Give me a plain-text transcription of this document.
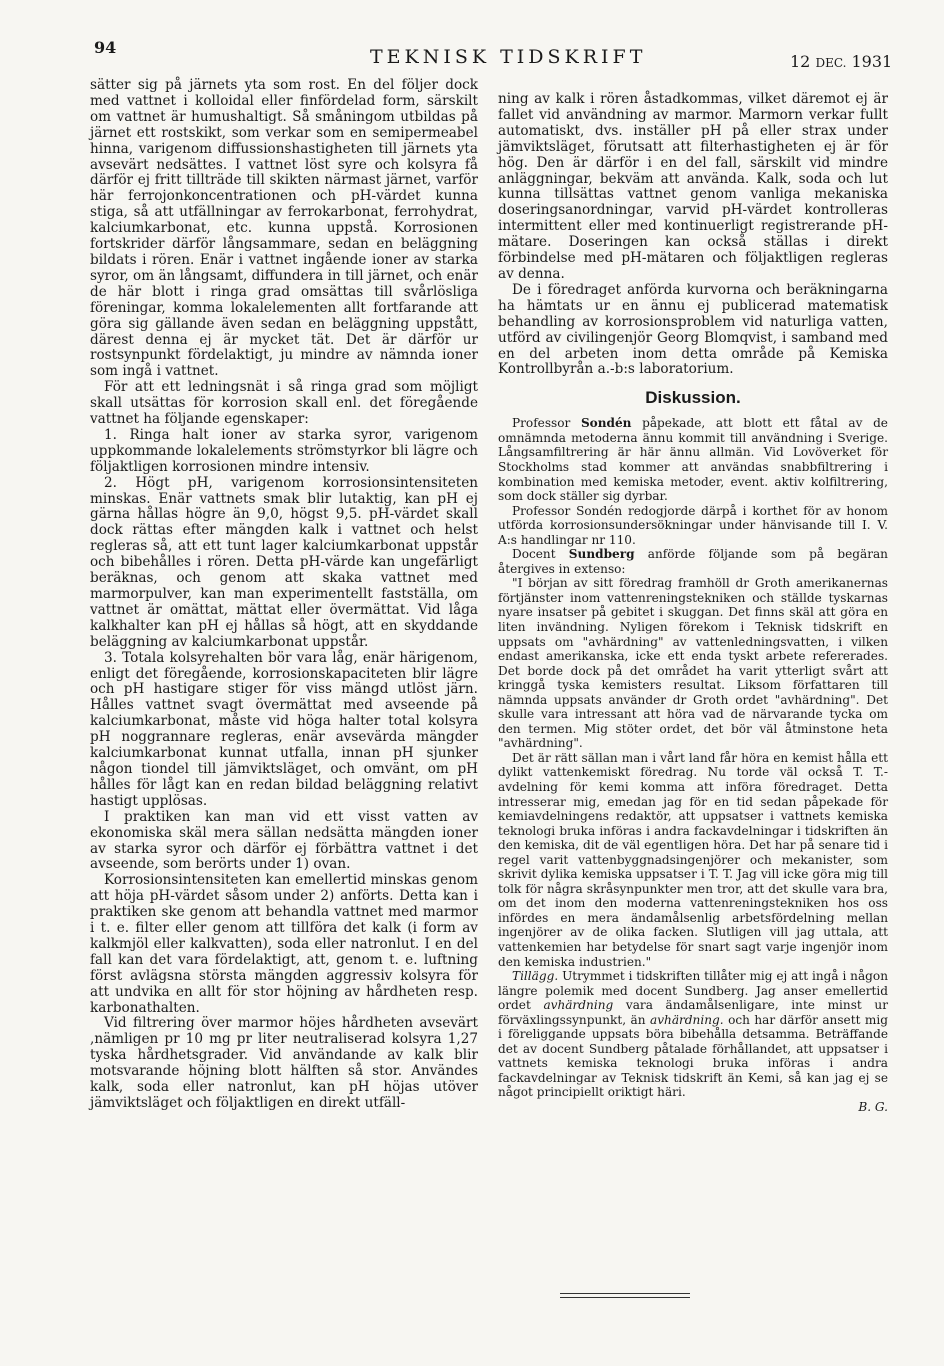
94	TEKNISK TIDSKRIFT	12 DEC. 1931

sätter sig på järnets yta som rost. En del följer dock med vattnet i kolloidal eller finfördelad form, särskilt om vattnet är humushaltigt. Så småningom utbildas på järnet ett rostskikt, som verkar som en semipermeabel hinna, varigenom diffussionshastigheten till järnets yta avsevärt nedsättes. I vattnet löst syre och kolsyra få därför ej fritt tillträde till skikten närmast järnet, varför här ferrojonkoncentrationen och pH-värdet kunna stiga, så att utfällningar av ferrokarbonat, ferrohydrat, kalciumkarbonat, etc. kunna uppstå. Korrosionen fortskrider därför långsammare, sedan en beläggning bildats i rören. Enär i vattnet ingående ioner av starka syror, om än långsamt, diffundera in till järnet, och enär de här blott i ringa grad omsättas till svårlösliga föreningar, komma lokalelementen allt fortfarande att göra sig gällande även sedan en beläggning uppstått, därest denna ej är mycket tät. Det är därför ur rostsynpunkt fördelaktigt, ju mindre av nämnda ioner som ingå i vattnet.

För att ett ledningsnät i så ringa grad som möjligt skall utsättas för korrosion skall enl. det föregående vattnet ha följande egenskaper:

1. Ringa halt ioner av starka syror, varigenom uppkommande lokalelements strömstyrkor bli lägre och följaktligen korrosionen mindre intensiv.

2. Högt pH, varigenom korrosionsintensiteten minskas. Enär vattnets smak blir lutaktig, kan pH ej gärna hållas högre än 9,0, högst 9,5. pH-värdet skall dock rättas efter mängden kalk i vattnet och helst regleras så, att ett tunt lager kalciumkarbonat uppstår och bibehålles i rören. Detta pH-värde kan ungefärligt beräknas, och genom att skaka vattnet med marmorpulver, kan man experimentellt fastställa, om vattnet är omättat, mättat eller övermättat. Vid låga kalkhalter kan pH ej hållas så högt, att en skyddande beläggning av kalciumkarbonat uppstår.

3. Totala kolsyrehalten bör vara låg, enär härigenom, enligt det föregående, korrosionskapaciteten blir lägre och pH hastigare stiger för viss mängd utlöst järn. Hålles vattnet svagt övermättat med avseende på kalciumkarbonat, måste vid höga halter total kolsyra pH noggrannare regleras, enär avsevärda mängder kalciumkarbonat kunnat utfalla, innan pH sjunker någon tiondel till jämviktsläget, och omvänt, om pH hålles för lågt kan en redan bildad beläggning relativt hastigt upplösas.

I praktiken kan man vid ett visst vatten av ekonomiska skäl mera sällan nedsätta mängden ioner av starka syror och därför ej förbättra vattnet i det avseende, som berörts under 1) ovan.

Korrosionsintensiteten kan emellertid minskas genom att höja pH-värdet såsom under 2) anförts. Detta kan i praktiken ske genom att behandla vattnet med marmor i t. e. filter eller genom att tillföra det kalk (i form av kalkmjöl eller kalkvatten), soda eller natronlut. I en del fall kan det vara fördelaktigt, att, genom t. e. luftning först avlägsna största mängden aggressiv kolsyra för att undvika en allt för stor höjning av hårdheten resp. karbonathalten.

Vid filtrering över marmor höjes hårdheten avsevärt ,nämligen pr 10 mg pr liter neutraliserad kolsyra 1,27 tyska hårdhetsgrader. Vid användande av kalk blir motsvarande höjning blott hälften så stor. Användes kalk, soda eller natronlut, kan pH höjas utöver jämviktsläget och följaktligen en direkt utfäll-

ning av kalk i rören åstadkommas, vilket däremot ej är fallet vid användning av marmor. Marmorn verkar fullt automatiskt, dvs. inställer pH på eller strax under jämviktsläget, förutsatt att filterhastigheten ej är för hög. Den är därför i en del fall, särskilt vid mindre anläggningar, bekväm att använda. Kalk, soda och lut kunna tillsättas vattnet genom vanliga mekaniska doseringsanordningar, varvid pH-värdet kontrolleras intermittent eller med kontinuerligt registrerande pH-mätare. Doseringen kan också ställas i direkt förbindelse med pH-mätaren och följaktligen regleras av denna.

De i föredraget anförda kurvorna och beräkningarna ha hämtats ur en ännu ej publicerad matematisk behandling av korrosionsproblem vid naturliga vatten, utförd av civilingenjör Georg Blomqvist, i samband med en del arbeten inom detta område på Kemiska Kontrollbyrån a.-b:s laboratorium.

Diskussion.

Professor Sondén påpekade, att blott ett fåtal av de omnämnda metoderna ännu kommit till användning i Sverige. Långsamfiltrering är här ännu allmän. Vid Lovöverket för Stockholms stad kommer att användas snabbfiltrering i kombination med kemiska metoder, event. aktiv kolfiltrering, som dock ställer sig dyrbar.

Professor Sondén redogjorde därpå i korthet för av honom utförda korrosionsundersökningar under hänvisande till I. V. A:s handlingar nr 110.

Docent Sundberg anförde följande som på begäran återgives in extenso:

"I början av sitt föredrag framhöll dr Groth amerikanernas förtjänster inom vattenreningstekniken och ställde tyskarnas nyare insatser på gebitet i skuggan. Det finns skäl att göra en liten invändning. Nyligen förekom i Teknisk tidskrift en uppsats om "avhärdning" av vattenledningsvatten, i vilken endast amerikanska, icke ett enda tyskt arbete refererades. Det borde dock på det området ha varit ytterligt svårt att kringgå tyska kemisters resultat. Liksom författaren till nämnda uppsats använder dr Groth ordet "avhärdning". Det skulle vara intressant att höra vad de närvarande tycka om den termen. Mig stöter ordet, det bör väl åtminstone heta "avhärdning".

Det är rätt sällan man i vårt land får höra en kemist hålla ett dylikt vattenkemiskt föredrag. Nu torde väl också T. T.-avdelning för kemi komma att införa föredraget. Detta intresserar mig, emedan jag för en tid sedan påpekade för kemiavdelningens redaktör, att uppsatser i vattnets kemiska teknologi bruka införas i andra fackavdelningar i tidskriften än den kemiska, dit de väl egentligen höra. Det har på senare tid i regel varit vattenbyggnadsingenjörer och mekanister, som skrivit dylika kemiska uppsatser i T. T. Jag vill icke göra mig till tolk för några skråsynpunkter men tror, att det skulle vara bra, om det inom den moderna vattenreningstekniken hos oss infördes en mera ändamålsenlig arbetsfördelning mellan ingenjörer av de olika facken. Slutligen vill jag uttala, att vattenkemien har betydelse för snart sagt varje ingenjör inom den kemiska industrien."

Tillägg. Utrymmet i tidskriften tillåter mig ej att ingå i någon längre polemik med docent Sundberg. Jag anser emellertid ordet avhärdning vara ändamålsenligare, inte minst ur förväxlingssynpunkt, än avhärdning. och har därför ansett mig i föreliggande uppsats böra bibehålla detsamma. Beträffande det av docent Sundberg påtalade förhållandet, att uppsatser i vattnets kemiska teknologi bruka införas i andra fackavdelningar av Teknisk tidskrift än Kemi, så kan jag ej se något principiellt oriktigt häri.

B. G.
